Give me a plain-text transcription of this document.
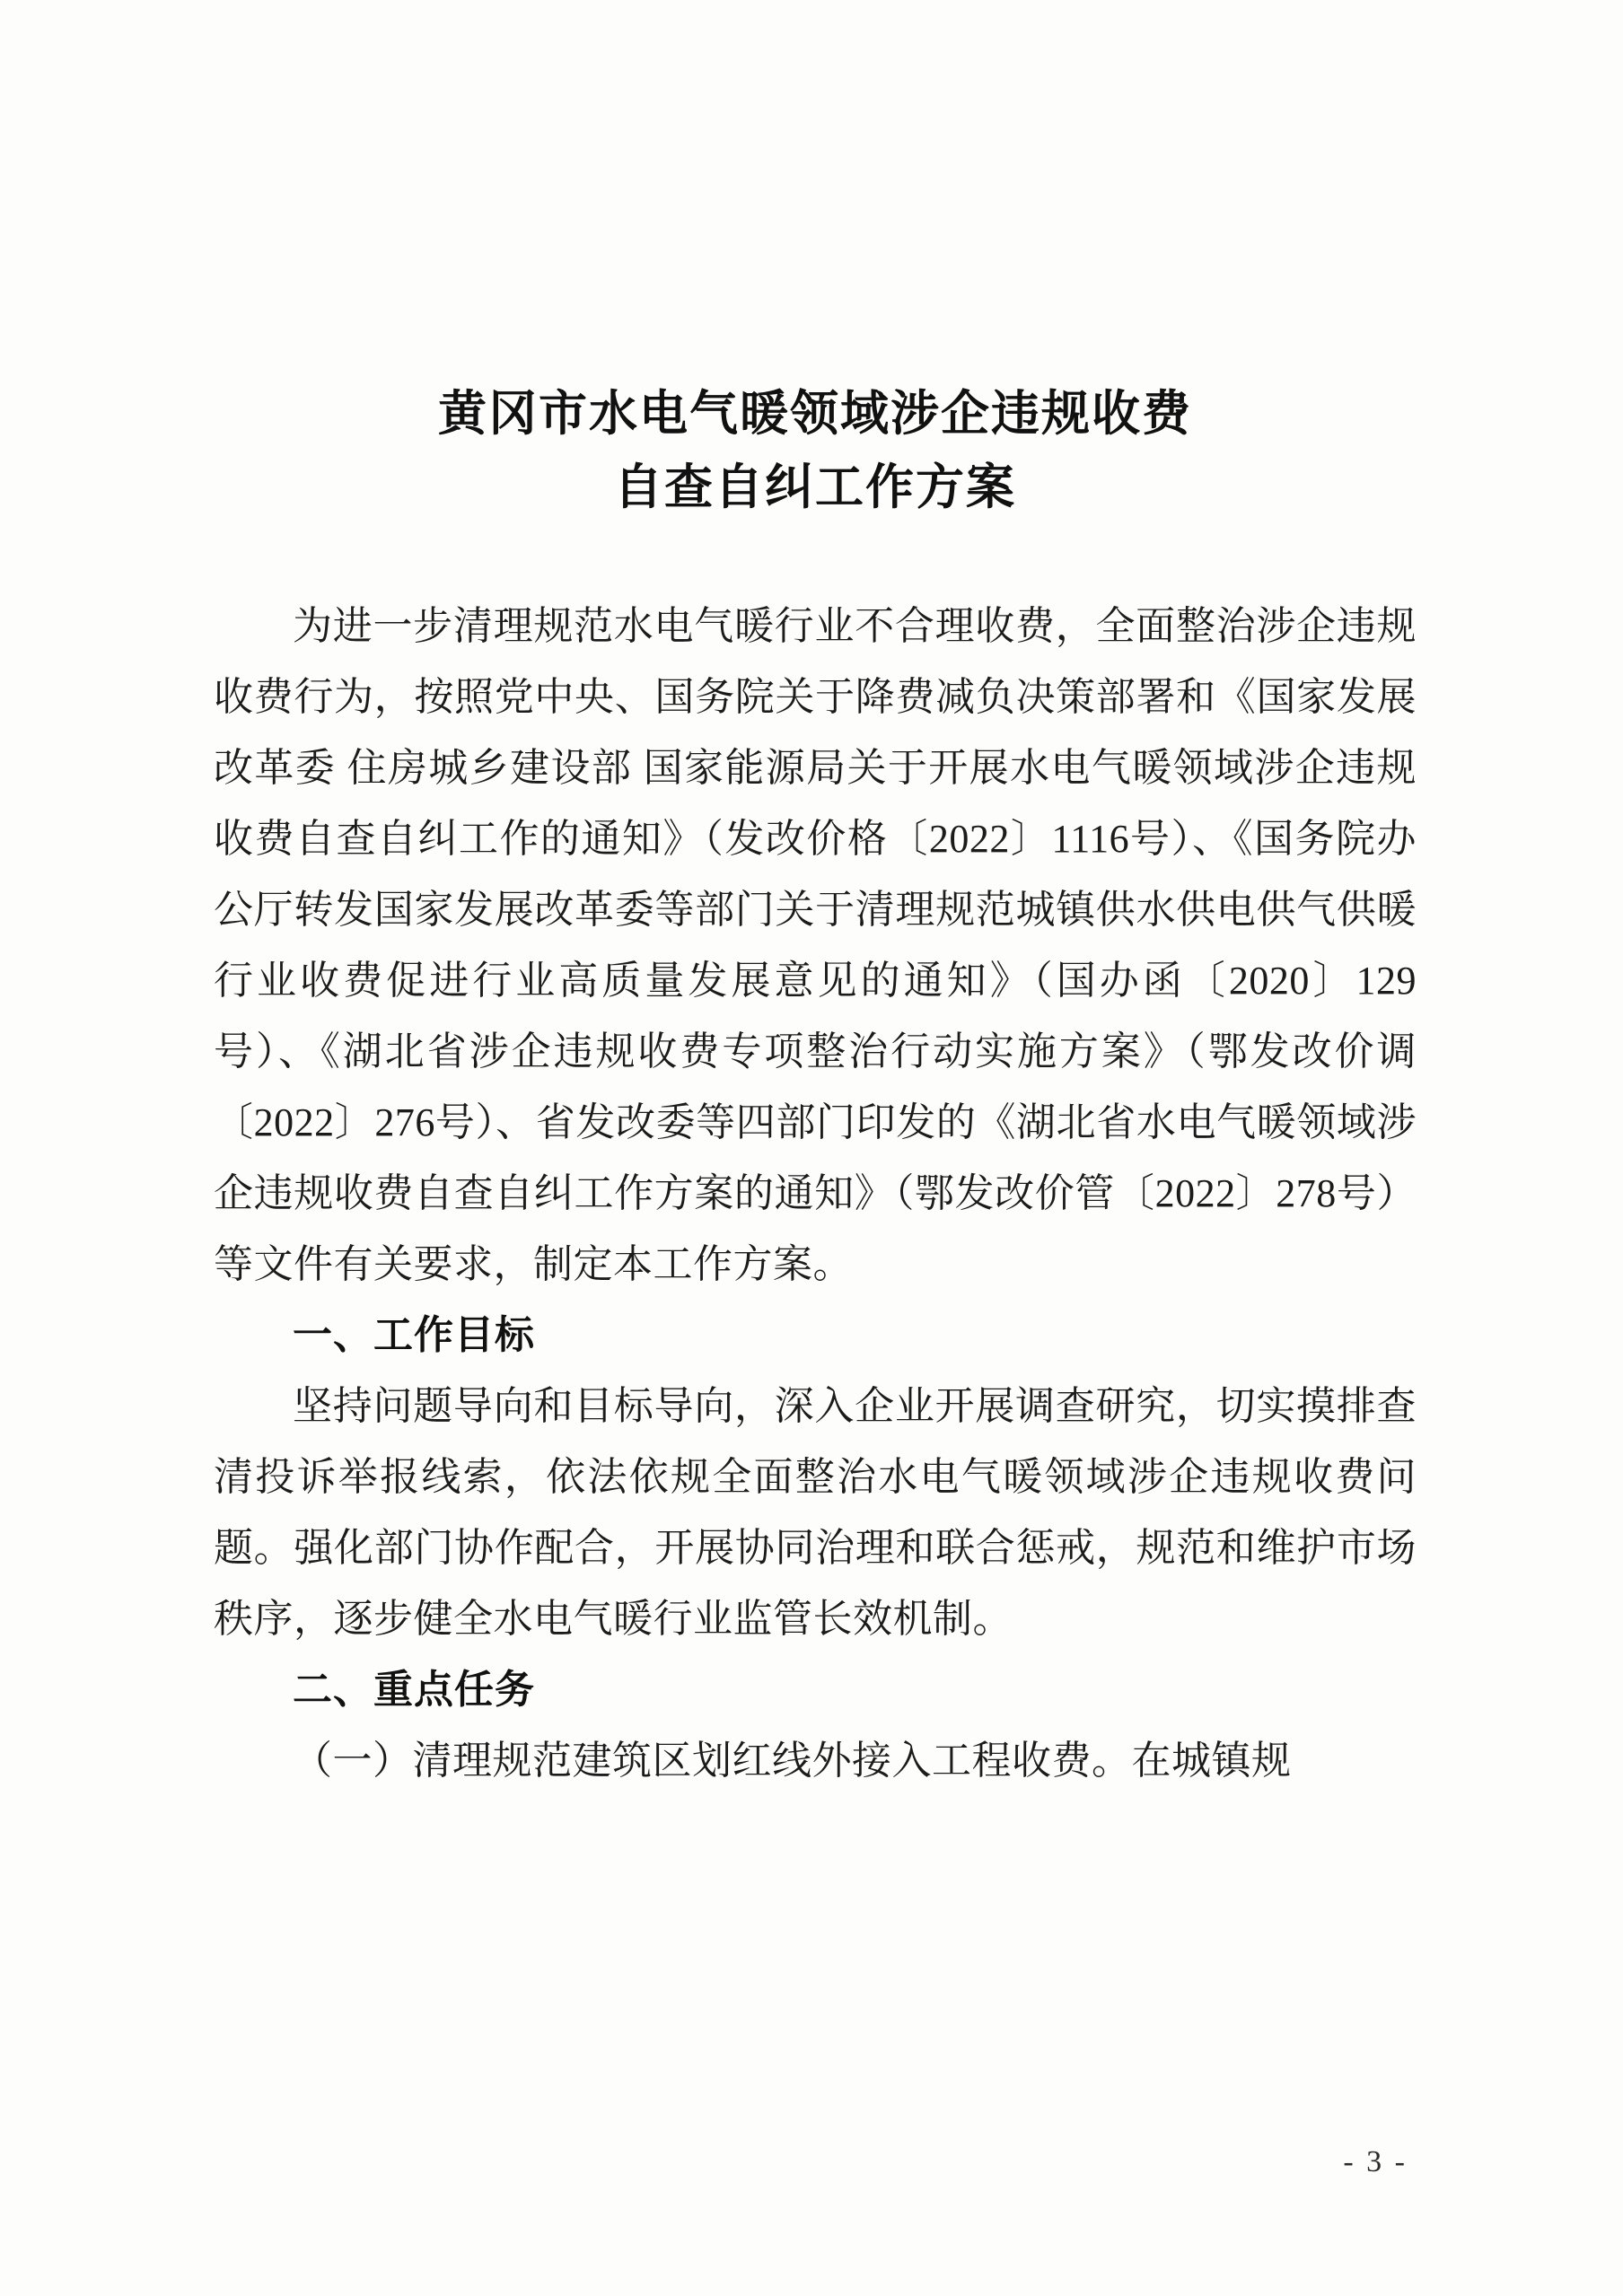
黄冈市水电气暖领域涉企违规收费
自查自纠工作方案

为进一步清理规范水电气暖行业不合理收费，全面整治涉企违规收费行为，按照党中央、国务院关于降费减负决策部署和《国家发展改革委 住房城乡建设部 国家能源局关于开展水电气暖领域涉企违规收费自查自纠工作的通知》（发改价格〔2022〕1116号）、《国务院办公厅转发国家发展改革委等部门关于清理规范城镇供水供电供气供暖行业收费促进行业高质量发展意见的通知》（国办函〔2020〕129号）、《湖北省涉企违规收费专项整治行动实施方案》（鄂发改价调〔2022〕276号）、省发改委等四部门印发的《湖北省水电气暖领域涉企违规收费自查自纠工作方案的通知》（鄂发改价管〔2022〕278号）等文件有关要求，制定本工作方案。

一、工作目标

坚持问题导向和目标导向，深入企业开展调查研究，切实摸排查清投诉举报线索，依法依规全面整治水电气暖领域涉企违规收费问题。强化部门协作配合，开展协同治理和联合惩戒，规范和维护市场秩序，逐步健全水电气暖行业监管长效机制。

二、重点任务

（一）清理规范建筑区划红线外接入工程收费。在城镇规

- 3 -
